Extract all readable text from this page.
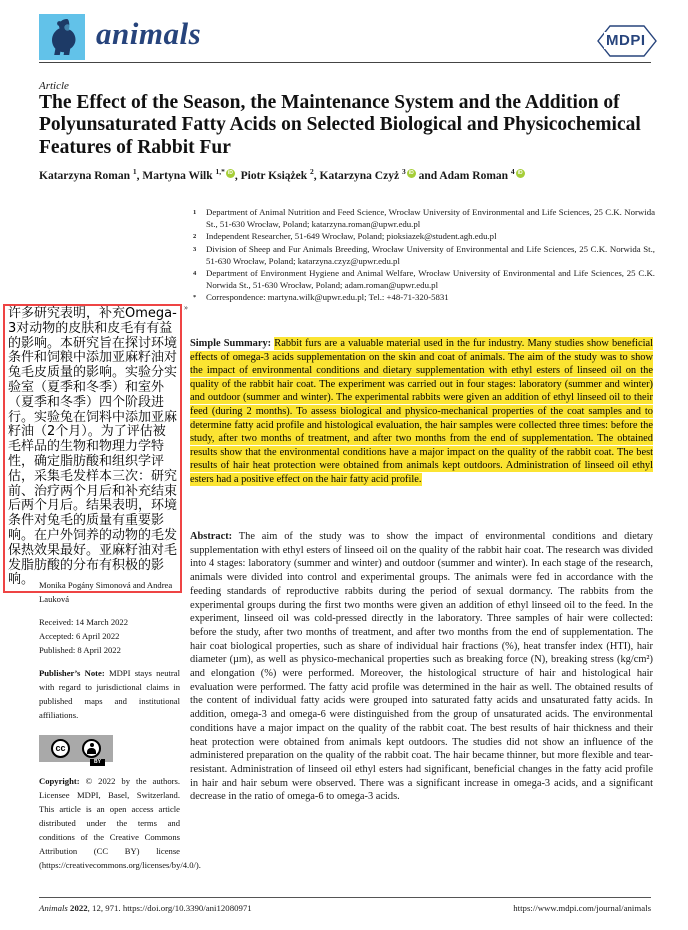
animals	MDPI
Article
The Effect of the Season, the Maintenance System and the Addition of Polyunsaturated Fatty Acids on Selected Biological and Physicochemical Features of Rabbit Fur
Katarzyna Roman $^1$, Martyna Wilk $^{1,*}$ iD , Piotr Książek $^2$, Katarzyna Czyż $^3$ iD and Adam Roman $^4$ iD
1	Department of Animal Nutrition and Feed Science, Wrocław University of Environmental and Life Sciences, 25 C.K. Norwida St., 51-630 Wrocław, Poland; katarzyna.roman@upwr.edu.pl
2	Independent Researcher, 51-649 Wrocław, Poland; pioksiazek@student.agh.edu.pl
3	Division of Sheep and Fur Animals Breeding, Wrocław University of Environmental and Life Sciences, 25 C.K. Norwida St., 51-630 Wrocław, Poland; katarzyna.czyz@upwr.edu.pl
4	Department of Environment Hygiene and Animal Welfare, Wrocław University of Environmental and Life Sciences, 25 C.K. Norwida St., 51-630 Wrocław, Poland; adam.roman@upwr.edu.pl
*	Correspondence: martyna.wilk@upwr.edu.pl; Tel.: +48-71-320-5831
许多研究表明，补充Omega-3对动物的皮肤和皮毛有有益的影响。本研究旨在探讨环境条件和饲粮中添加亚麻籽油对兔毛皮质量的影响。实验分实验室（夏季和冬季）和室外（夏季和冬季）四个阶段进行。实验兔在饲料中添加亚麻籽油（2个月）。为了评估被毛样品的生物和物理力学特性，确定脂肪酸和组织学评估，采集毛发样本三次：研究前、治疗两个月后和补充结束后两个月后。结果表明，环境条件对兔毛的质量有重要影响。在户外饲养的动物的毛发保热效果最好。亚麻籽油对毛发脂肪酸的分布有积极的影响。
»

Simple Summary: Rabbit furs are a valuable material used in the fur industry. Many studies show beneficial effects of omega-3 acids supplementation on the skin and coat of animals. The aim of the study was to show the impact of environmental conditions and dietary supplementation with ethyl esters of linseed oil on the quality of the rabbit hair coat. The experiment was carried out in four stages: laboratory (summer and winter) and outdoor (summer and winter). The experimental rabbits were given an addition of ethyl linseed oil to their feed (during 2 months). To assess biological and physico-mechanical properties of the coat samples and to determine fatty acid profile and histological evaluation, the hair samples were collected three times: before the study, after two months of treatment, and after two months from the end of supplementation. The obtained results show that the environmental conditions have a major impact on the quality of the rabbit coat. The best results of hair heat protection were obtained from animals kept outdoors. Administration of linseed oil ethyl esters had a positive effect on the hair fatty acid profile.

Abstract: The aim of the study was to show the impact of environmental conditions and dietary supplementation with ethyl esters of linseed oil on the quality of the rabbit hair coat. The research was divided into 4 stages: laboratory (summer and winter) and outdoor (summer and winter). In each stage of the research, animals were divided into control and experimental groups. The animals were fed in accordance with the feeding standards of reproductive rabbits during the period of sexual dormancy. The rabbits from the experimental groups during the first two months were given an addition of ethyl linseed oil to the feed. In the experiment, linseed oil was cold-pressed directly in the laboratory. Three samples of hair were collected: before the study, after two months of treatment, and after two months from the end of supplementation. The hair coat biological properties, such as share of individual hair fractions (%), heat transfer index (HTI), hair diameter (µm), as well as physico-mechanical properties such as breaking force (N), breaking stress (kg/cm²) and elongation (%) were performed. Moreover, the histological structure of hair and histological hair evaluation were performed. The fatty acid profile was determined in the hair as well. The obtained results of the content of individual fatty acids were grouped into saturated fatty acids and unsaturated fatty acids. In addition, omega-3 and omega-6 were distinguished from the group of unsaturated acids. The environmental conditions have a major impact on the quality of the rabbit coat. The best results of hair thickness and their heat protection were obtained from animals kept outdoors. The studies did not show an influence of the administered preparation on the quality of the rabbit coat. The hair became thinner, but more flexible and tear-resistant. Administration of linseed oil ethyl esters had significant, beneficial changes in the fatty acid profile in hair and hair sebum were observed. There was a significant increase in omega-3 acids, and a significant decrease in the ratio of omega-6 to omega-3 acids.

Monika Pogány Simonová and Andrea Lauková
Received: 14 March 2022
Accepted: 6 April 2022
Published: 8 April 2022
Publisher’s Note: MDPI stays neutral with regard to jurisdictional claims in published maps and institutional affiliations.
cc
BY
Copyright: © 2022 by the authors. Licensee MDPI, Basel, Switzerland. This article is an open access article distributed under the terms and conditions of the Creative Commons Attribution (CC BY) license (https://creativecommons.org/licenses/by/4.0/).
Animals 2022, 12, 971. https://doi.org/10.3390/ani12080971	https://www.mdpi.com/journal/animals
